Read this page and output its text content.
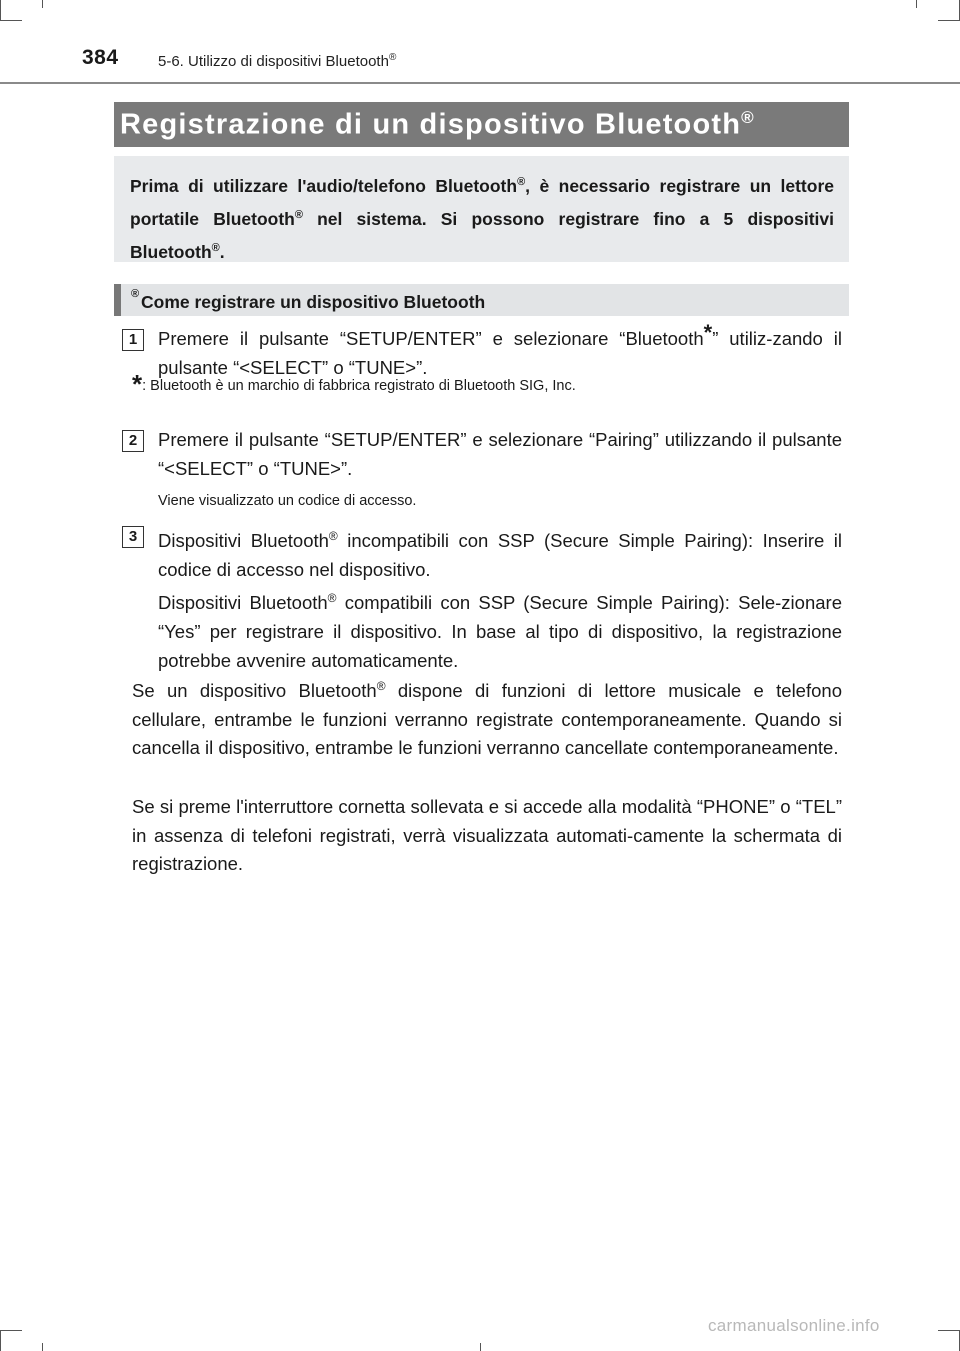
384	5-6. Utilizzo di dispositivi Bluetooth®
Registrazione di un dispositivo Bluetooth®

Prima di utilizzare l'audio/telefono Bluetooth®, è necessario registrare un lettore portatile Bluetooth® nel sistema. Si possono registrare fino a 5 dispositivi Bluetooth®.

Come registrare un dispositivo Bluetooth
®
1	Premere il pulsante “SETUP/ENTER” e selezionare “Bluetooth*” utiliz-zando il pulsante “<SELECT” o “TUNE>”.
*: Bluetooth è un marchio di fabbrica registrato di Bluetooth SIG, Inc.
2	Premere il pulsante “SETUP/ENTER” e selezionare “Pairing” utilizzando il pulsante “<SELECT” o “TUNE>”.
Viene visualizzato un codice di accesso.
3	Dispositivi Bluetooth® incompatibili con SSP (Secure Simple Pairing): Inserire il codice di accesso nel dispositivo.
Dispositivi Bluetooth® compatibili con SSP (Secure Simple Pairing): Sele-zionare “Yes” per registrare il dispositivo. In base al tipo di dispositivo, la registrazione potrebbe avvenire automaticamente.
Se un dispositivo Bluetooth® dispone di funzioni di lettore musicale e telefono cellulare, entrambe le funzioni verranno registrate contemporaneamente. Quando si cancella il dispositivo, entrambe le funzioni verranno cancellate contemporaneamente.
Se si preme l'interruttore cornetta sollevata e si accede alla modalità “PHONE” o “TEL” in assenza di telefoni registrati, verrà visualizzata automati-camente la schermata di registrazione.
carmanualsonline.info
